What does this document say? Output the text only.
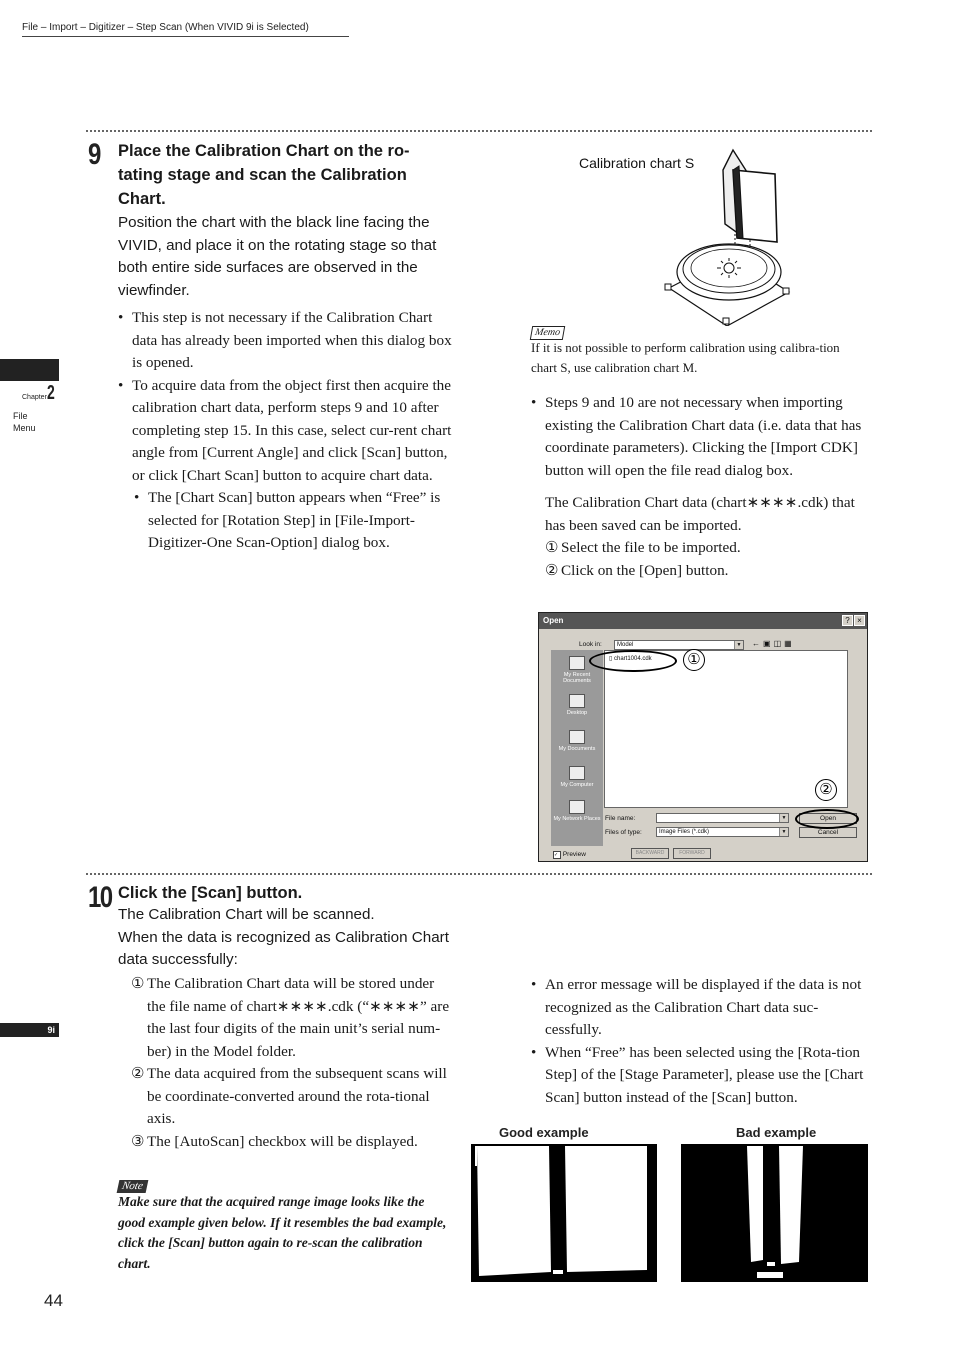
File – Import – Digitizer – Step Scan (When VIVID 9i is Selected)
Chapter2
File
Menu
9i
9 Place the Calibration Chart on the ro-tating stage and scan the Calibration Chart.
Position the chart with the black line facing the VIVID, and place it on the rotating stage so that both entire side surfaces are observed in the viewfinder.
• This step is not necessary if the Calibration Chart data has already been imported when this dialog box is opened.
• To acquire data from the object first then acquire the calibration chart data, perform steps 9 and 10 after completing step 15. In this case, select cur-rent chart angle from [Current Angle] and click [Scan] button, or click [Chart Scan] button to acquire chart data.
• The [Chart Scan] button appears when “Free” is selected for [Rotation Step] in [File-Import-Digitizer-One Scan-Option] dialog box.
Calibration chart S
Memo
If it is not possible to perform calibration using calibra-tion chart S, use calibration chart M.
• Steps 9 and 10 are not necessary when importing existing the Calibration Chart data (i.e. data that has coordinate parameters). Clicking the [Import CDK] button will open the file read dialog box.
The Calibration Chart data (chart∗∗∗∗.cdk) that has been saved can be imported.
① Select the file to be imported.
② Click on the [Open] button.
Open	? ×
Look in:	Model	▼ ←▣◫▦
My Recent Documents
Desktop
My Documents
My Computer
My Network Places
▯ chart1004.cdk ①
File name:	▼
Files of type:	Image Files (*.cdk)	▼
Open
Cancel
②
✓ Preview	BACKWARD	FORWARD
10 Click the [Scan] button.
The Calibration Chart will be scanned.
When the data is recognized as Calibration Chart data successfully:
① The Calibration Chart data will be stored under the file name of chart∗∗∗∗.cdk (“∗∗∗∗” are the last four digits of the main unit’s serial num-ber) in the Model folder.
② The data acquired from the subsequent scans will be coordinate-converted around the rota-tional axis.
③ The [AutoScan] checkbox will be displayed.
Note
Make sure that the acquired range image looks like the good example given below. If it resembles the bad example, click the [Scan] button again to re-scan the calibration chart.
• An error message will be displayed if the data is not recognized as the Calibration Chart data suc-cessfully.
• When “Free” has been selected using the [Rota-tion Step] of the [Stage Parameter], please use the [Chart Scan] button instead of the [Scan] button.
Good example	Bad example
44
